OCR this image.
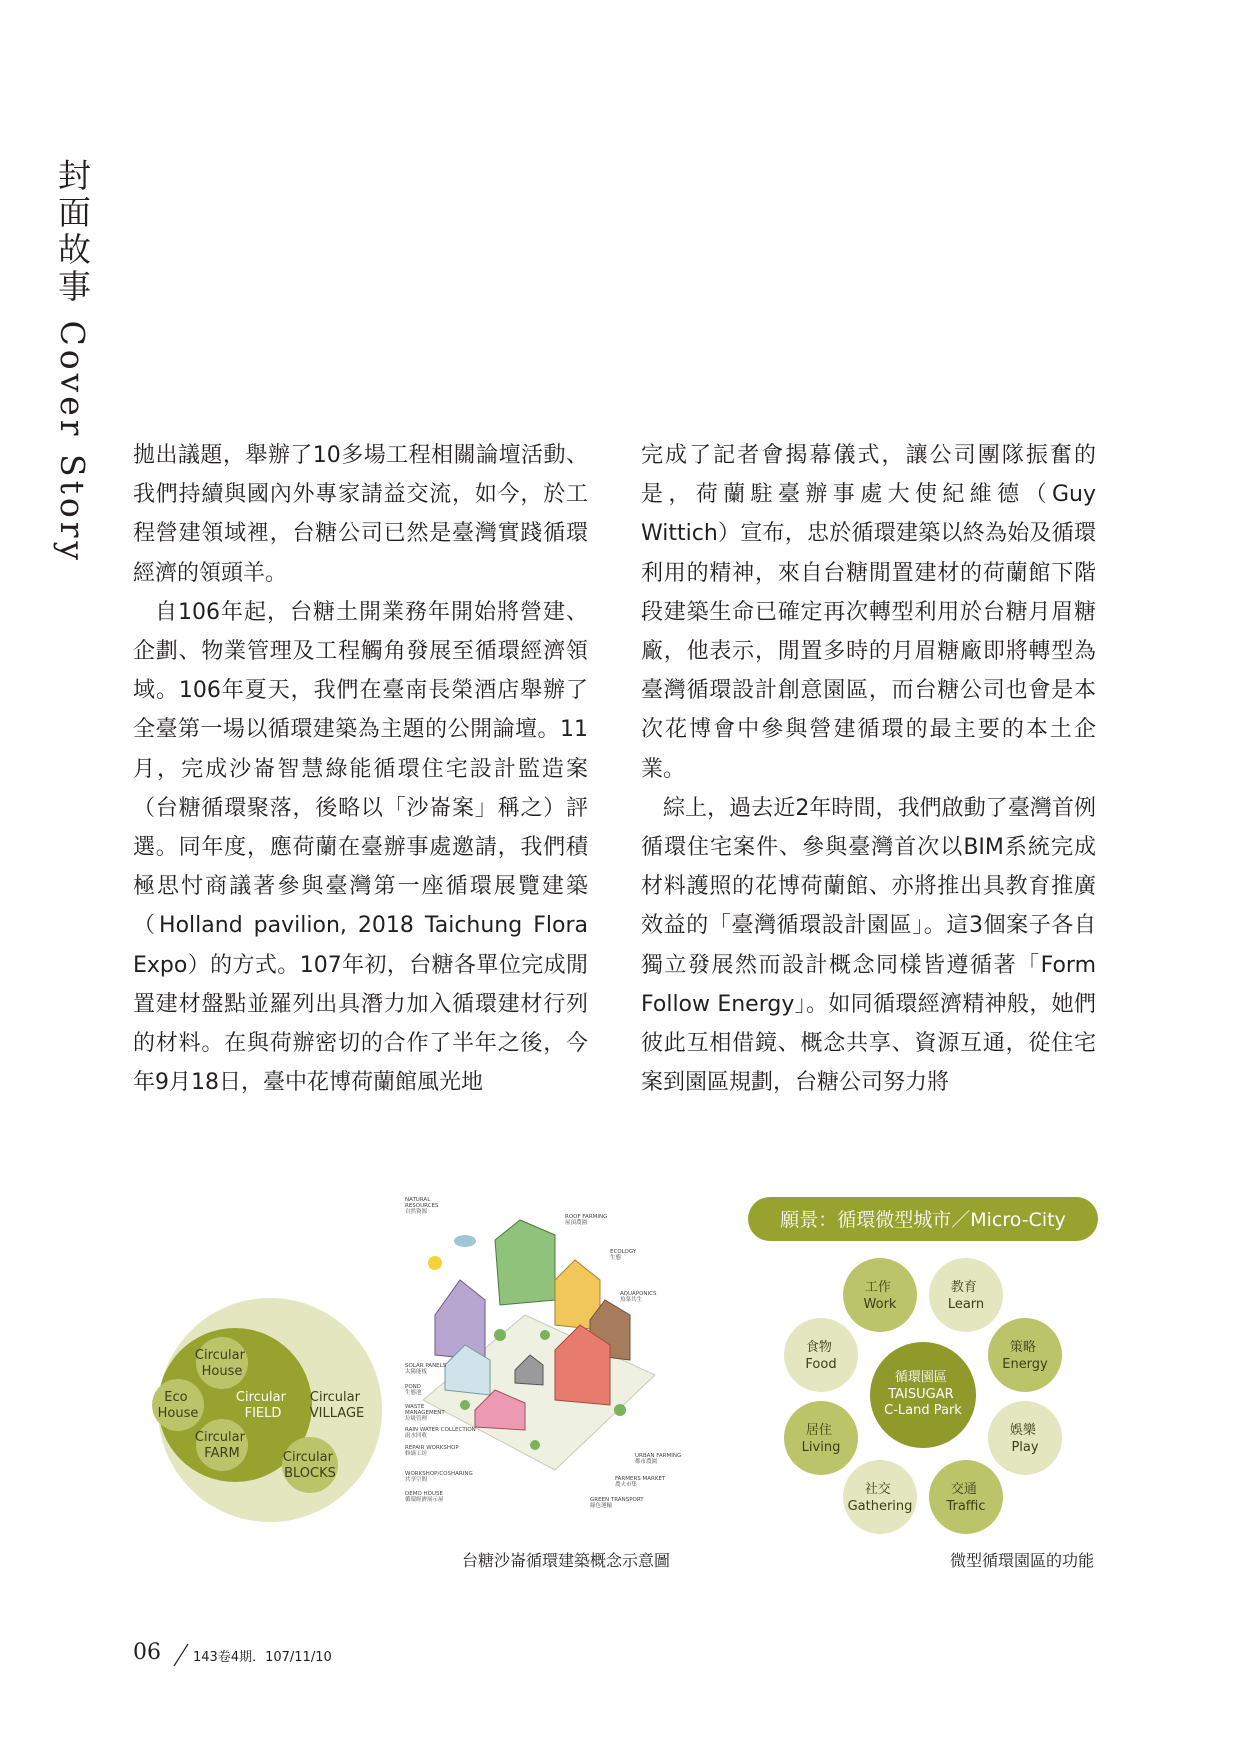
封面故事 Cover Story 拋出議題，舉辦了10多場工程相關論壇活動、我們持續與國內外專家請益交流，如今，於工程營建領域裡，台糖公司已然是臺灣實踐循環經濟的領頭羊。

自106年起，台糖土開業務年開始將營建、企劃、物業管理及工程觸角發展至循環經濟領域。106年夏天，我們在臺南長榮酒店舉辦了全臺第一場以循環建築為主題的公開論壇。11月，完成沙崙智慧綠能循環住宅設計監造案（台糖循環聚落，後略以「沙崙案」稱之）評選。同年度，應荷蘭在臺辦事處邀請，我們積極思忖商議著參與臺灣第一座循環展覽建築（Holland pavilion, 2018 Taichung Flora Expo）的方式。107年初，台糖各單位完成閒置建材盤點並羅列出具潛力加入循環建材行列的材料。在與荷辦密切的合作了半年之後，今年9月18日，臺中花博荷蘭館風光地

完成了記者會揭幕儀式，讓公司團隊振奮的是，荷蘭駐臺辦事處大使紀維德（Guy Wittich）宣布，忠於循環建築以終為始及循環利用的精神，來自台糖閒置建材的荷蘭館下階段建築生命已確定再次轉型利用於台糖月眉糖廠，他表示，閒置多時的月眉糖廠即將轉型為臺灣循環設計創意園區，而台糖公司也會是本次花博會中參與營建循環的最主要的本土企業。

綜上，過去近2年時間，我們啟動了臺灣首例循環住宅案件、參與臺灣首次以BIM系統完成材料護照的花博荷蘭館、亦將推出具教育推廣效益的「臺灣循環設計園區」。這3個案子各自獨立發展然而設計概念同樣皆遵循著「Form Follow Energy」。如同循環經濟精神般，她們彼此互相借鏡、概念共享、資源互通，從住宅案到園區規劃，台糖公司努力將

Circular House
Eco House
Circular FIELD
Circular FARM
Circular VILLAGE
Circular BLOCKS
NATURAL RESOURCES 自然資源
ROOF FARMING 屋頂農園
ECOLOGY 生態
AQUAPONICS 魚菜共生
SOLAR PANELS 太陽能板
POND 生態池
WASTE MANAGEMENT 垃圾管理
RAIN WATER COLLECTION 雨水回收
REPAIR WORKSHOP 修繕工坊
WORKSHOP/COSHARING 共享空間
DEMO HOUSE 循環經濟展示屋
URBAN FARMING 都市農園
FARMERS MARKET 農夫市集
GREEN TRANSPORT 綠色運輸
台糖沙崙循環建築概念示意圖
願景：循環微型城市／Micro-City
循環園區 TAISUGAR C-Land Park
工作 Work
教育 Learn
策略 Energy
娛樂 Play
交通 Traffic
社交 Gathering
居住 Living
食物 Food
微型循環園區的功能
06 143卷4期．107/11/10
